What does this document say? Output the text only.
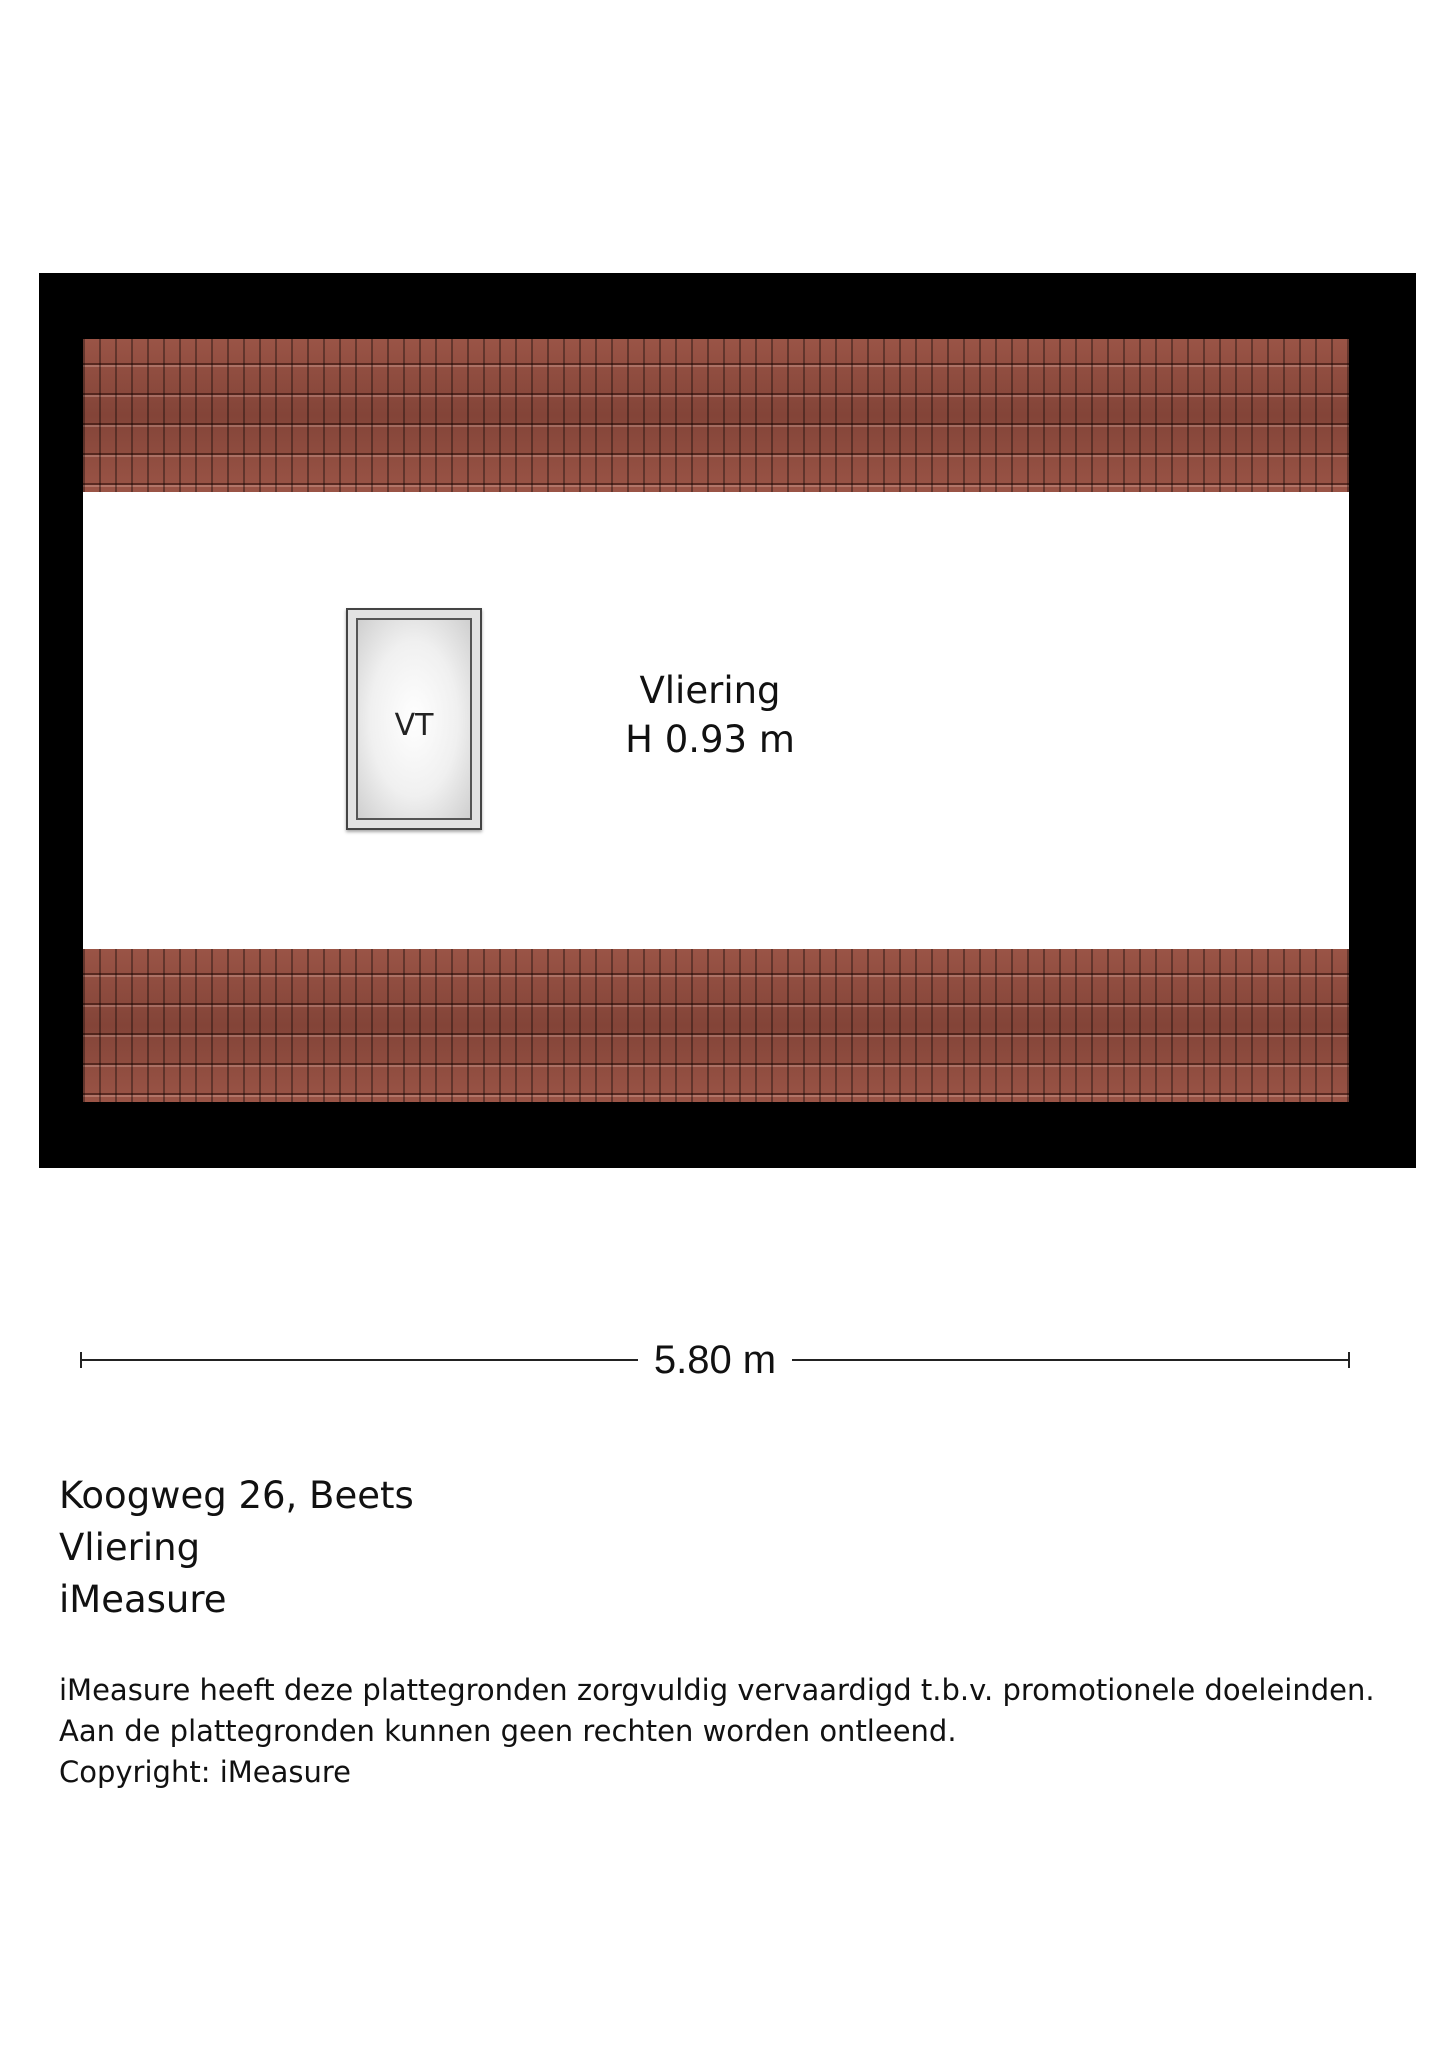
VT
Vliering
H 0.93 m
5.80 m
Koogweg 26, Beets
Vliering
iMeasure
iMeasure heeft deze plattegronden zorgvuldig vervaardigd t.b.v. promotionele doeleinden.
Aan de plattegronden kunnen geen rechten worden ontleend.
Copyright: iMeasure
